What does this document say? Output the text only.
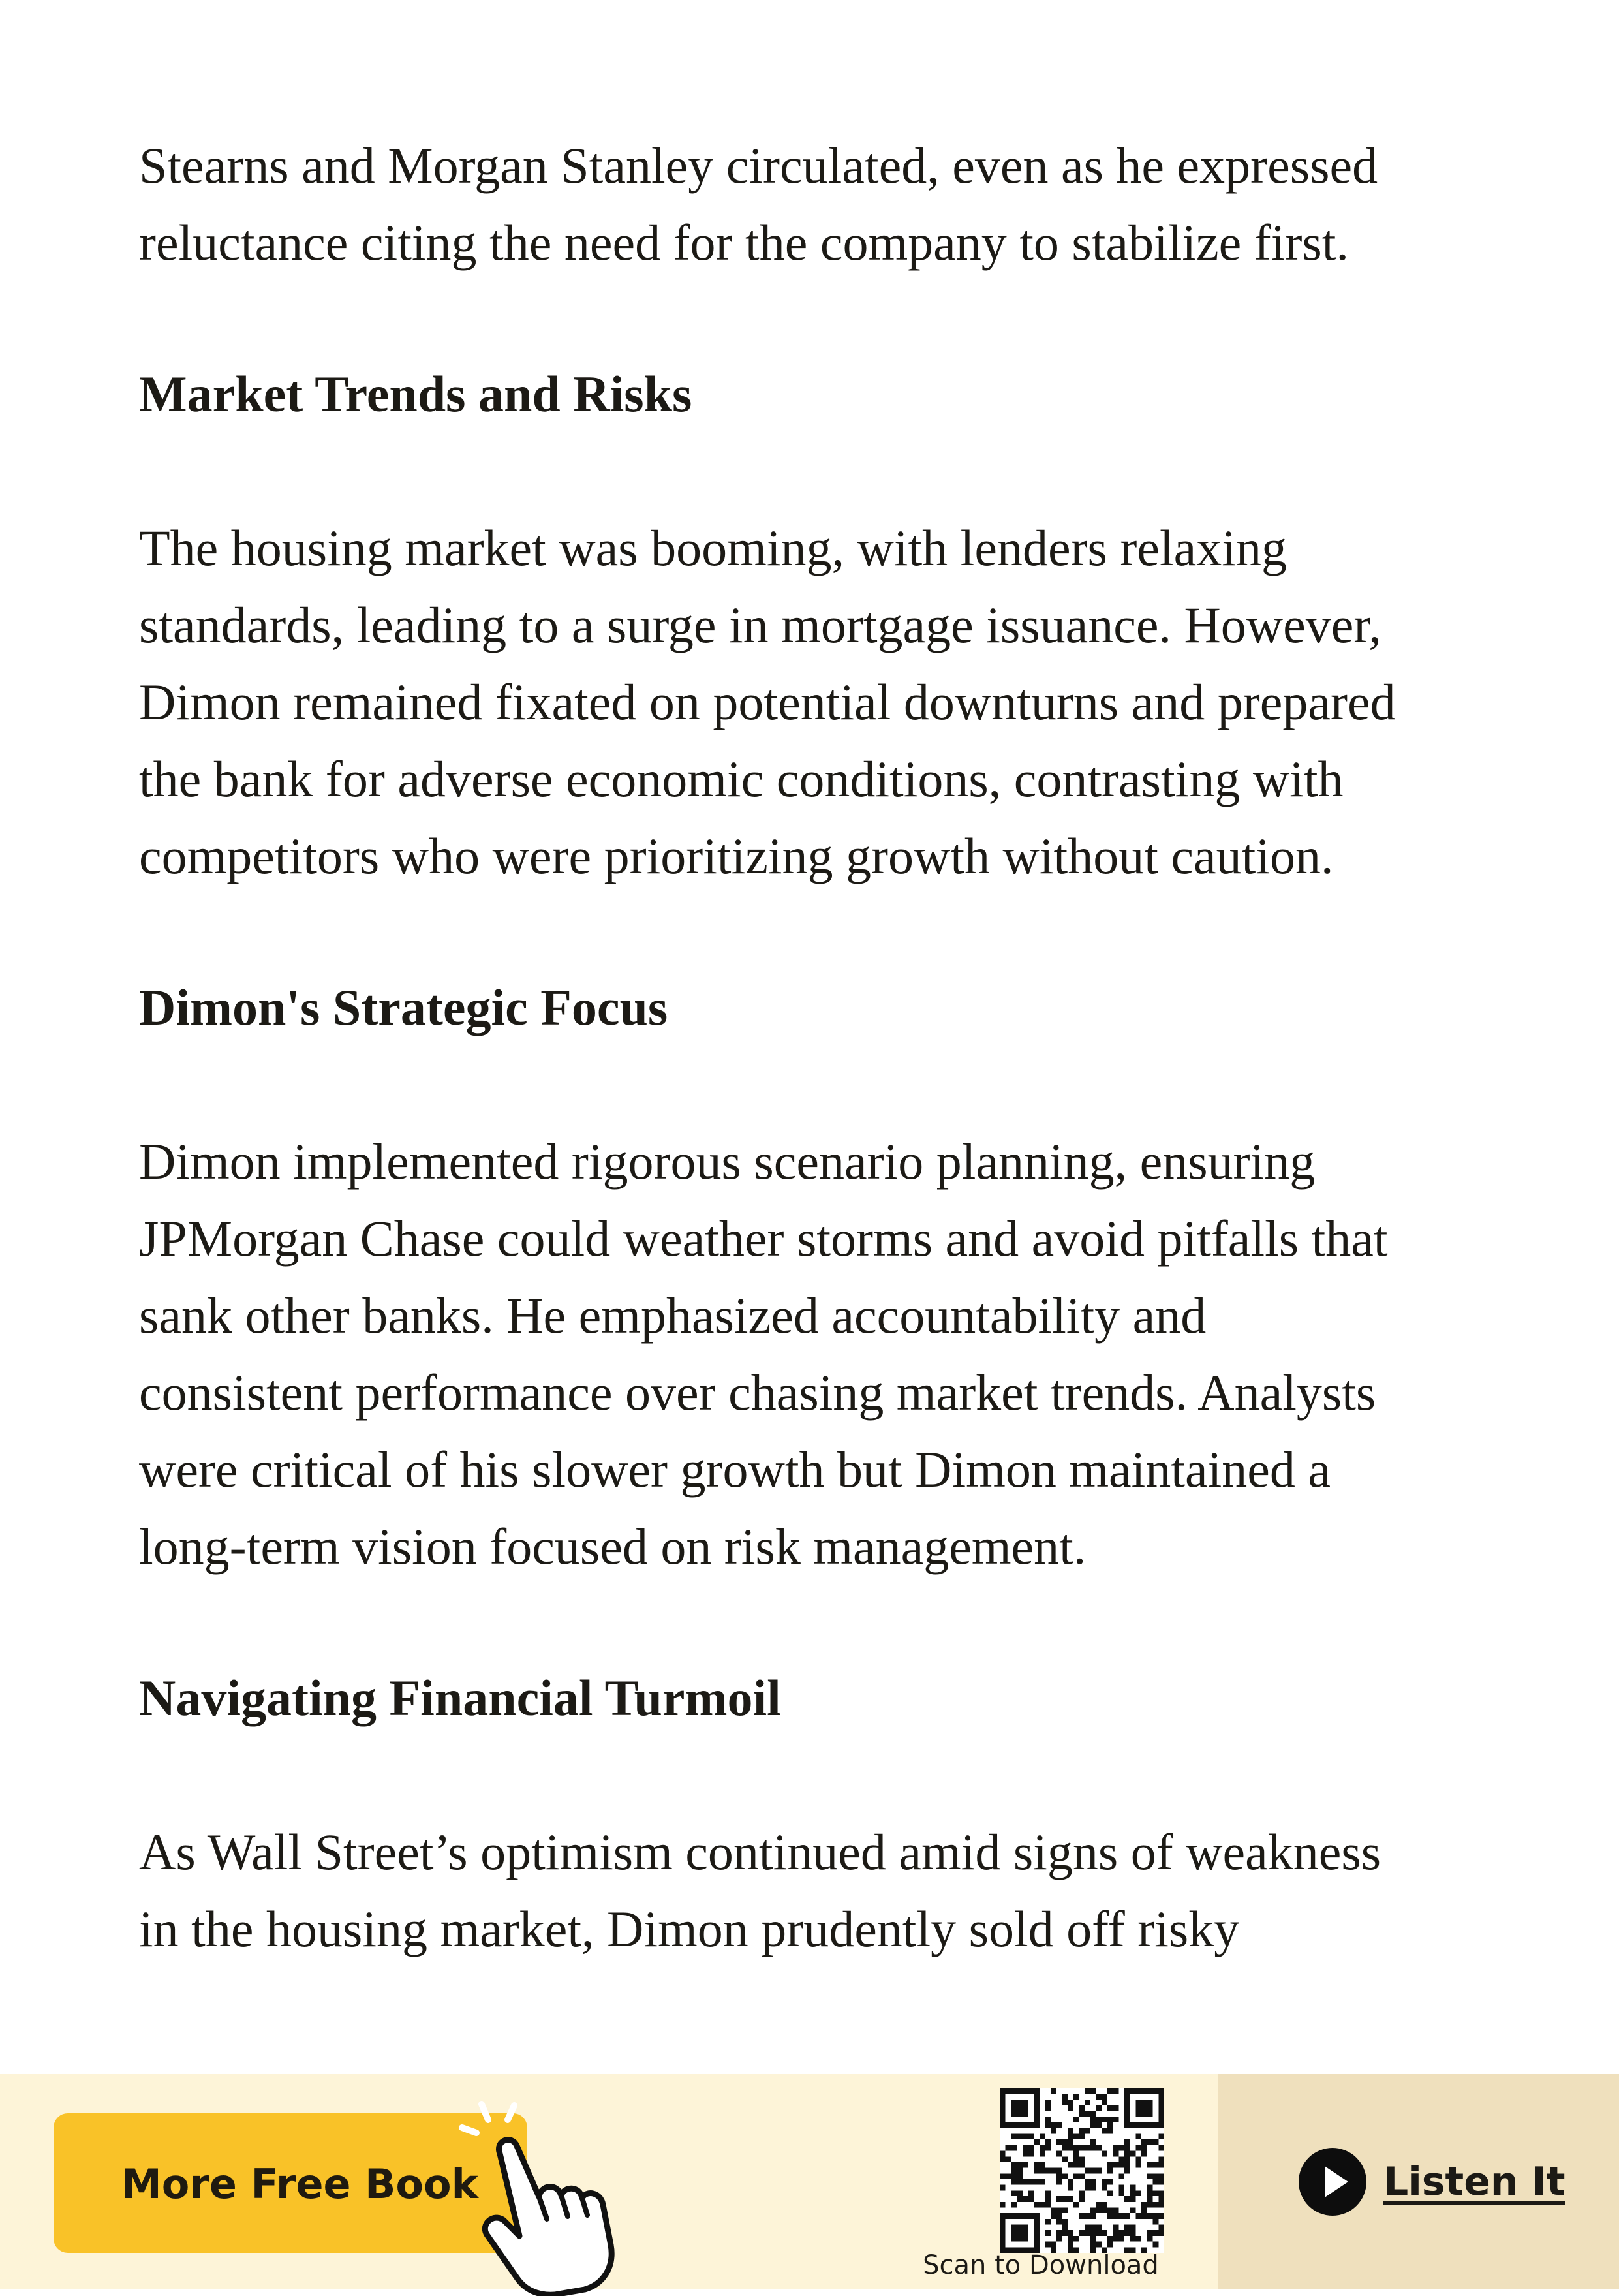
Stearns and Morgan Stanley circulated, even as he expressed
reluctance citing the need for the company to stabilize first.

Market Trends and Risks

The housing market was booming, with lenders relaxing
standards, leading to a surge in mortgage issuance. However,
Dimon remained fixated on potential downturns and prepared
the bank for adverse economic conditions, contrasting with
competitors who were prioritizing growth without caution.

Dimon's Strategic Focus

Dimon implemented rigorous scenario planning, ensuring
JPMorgan Chase could weather storms and avoid pitfalls that
sank other banks. He emphasized accountability and
consistent performance over chasing market trends. Analysts
were critical of his slower growth but Dimon maintained a
long-term vision focused on risk management.

Navigating Financial Turmoil

As Wall Street’s optimism continued amid signs of weakness
in the housing market, Dimon prudently sold off risky

More Free Book
Scan to Download
Listen It
